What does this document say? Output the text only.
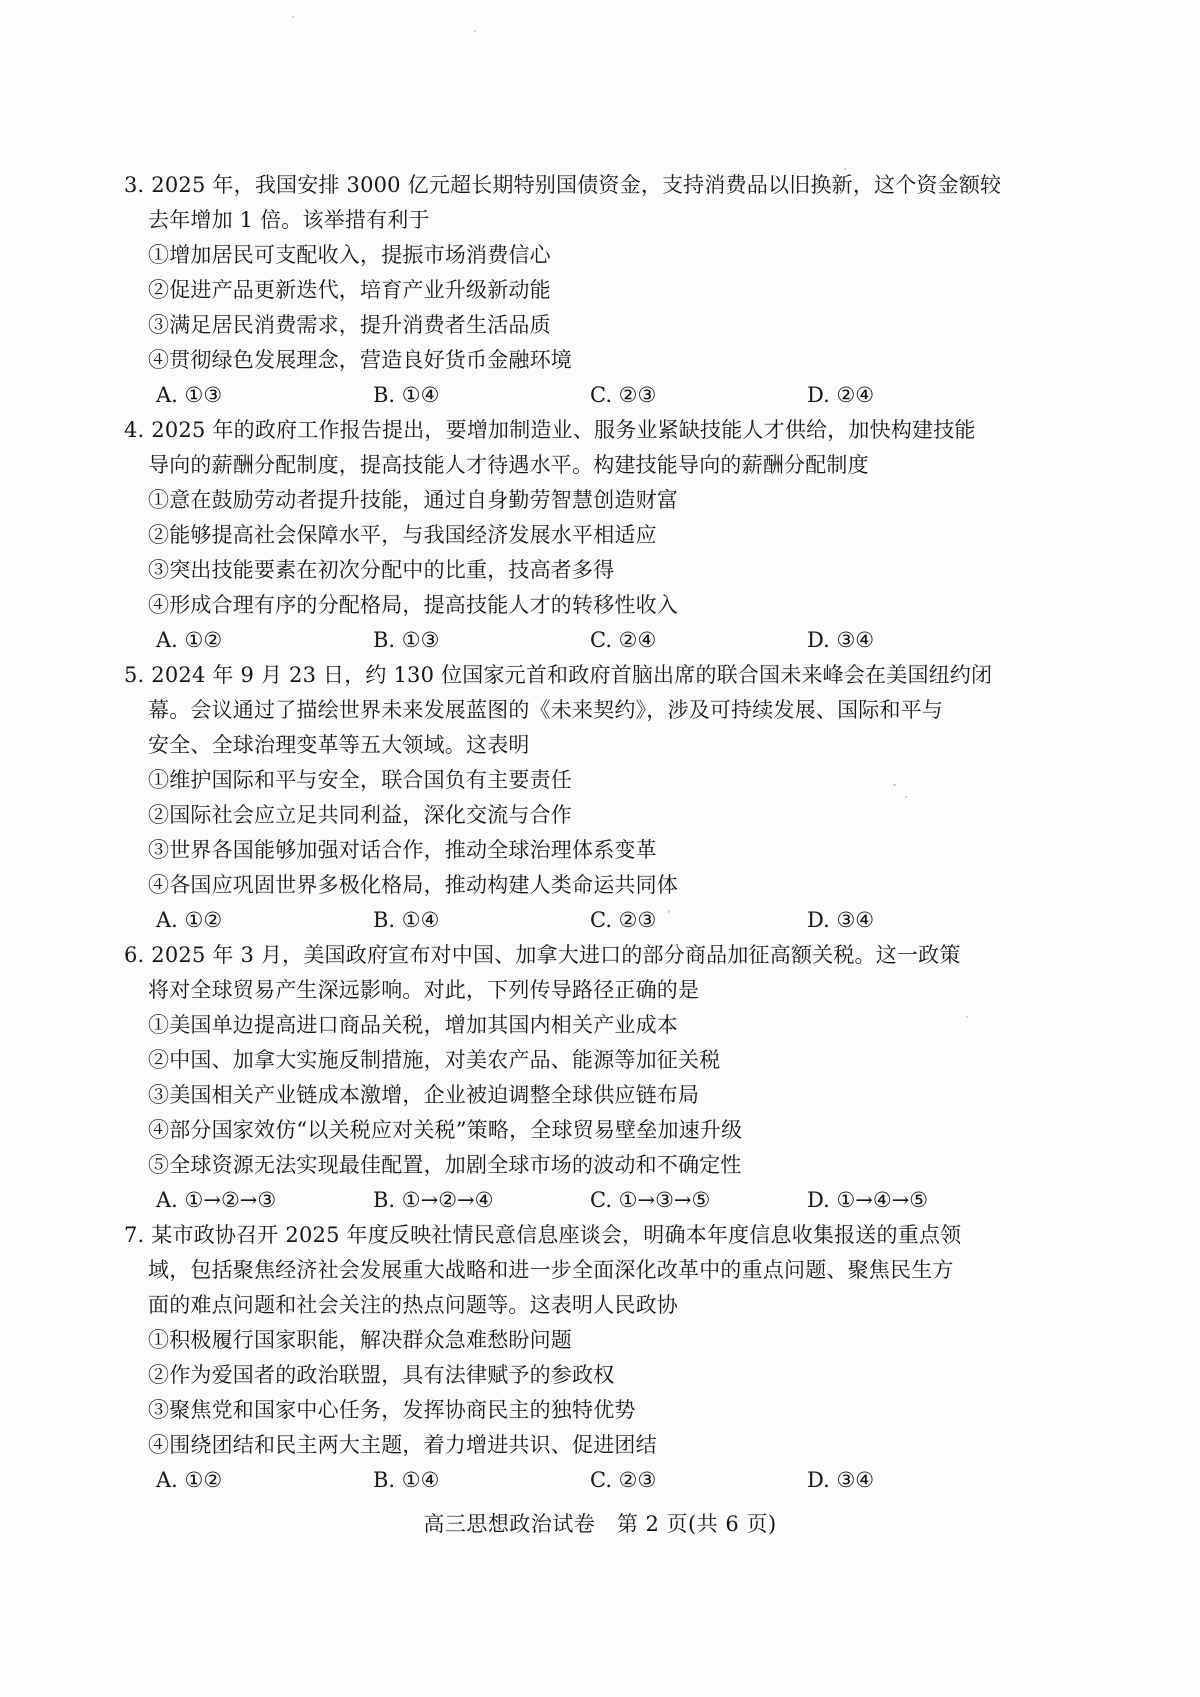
3. 2025 年，我国安排 3000 亿元超长期特别国债资金，支持消费品以旧换新，这个资金额较
去年增加 1 倍。该举措有利于
①增加居民可支配收入，提振市场消费信心
②促进产品更新迭代，培育产业升级新动能
③满足居民消费需求，提升消费者生活品质
④贯彻绿色发展理念，营造良好货币金融环境
A. ①③	B. ①④	C. ②③	D. ②④
4. 2025 年的政府工作报告提出，要增加制造业、服务业紧缺技能人才供给，加快构建技能
导向的薪酬分配制度，提高技能人才待遇水平。构建技能导向的薪酬分配制度
①意在鼓励劳动者提升技能，通过自身勤劳智慧创造财富
②能够提高社会保障水平，与我国经济发展水平相适应
③突出技能要素在初次分配中的比重，技高者多得
④形成合理有序的分配格局，提高技能人才的转移性收入
A. ①②	B. ①③	C. ②④	D. ③④
5. 2024 年 9 月 23 日，约 130 位国家元首和政府首脑出席的联合国未来峰会在美国纽约闭
幕。会议通过了描绘世界未来发展蓝图的《未来契约》，涉及可持续发展、国际和平与
安全、全球治理变革等五大领域。这表明
①维护国际和平与安全，联合国负有主要责任
②国际社会应立足共同利益，深化交流与合作
③世界各国能够加强对话合作，推动全球治理体系变革
④各国应巩固世界多极化格局，推动构建人类命运共同体
A. ①②	B. ①④	C. ②③	D. ③④
6. 2025 年 3 月，美国政府宣布对中国、加拿大进口的部分商品加征高额关税。这一政策
将对全球贸易产生深远影响。对此，下列传导路径正确的是
①美国单边提高进口商品关税，增加其国内相关产业成本
②中国、加拿大实施反制措施，对美农产品、能源等加征关税
③美国相关产业链成本激增，企业被迫调整全球供应链布局
④部分国家效仿“以关税应对关税”策略，全球贸易壁垒加速升级
⑤全球资源无法实现最佳配置，加剧全球市场的波动和不确定性
A. ①→②→③	B. ①→②→④	C. ①→③→⑤	D. ①→④→⑤
7. 某市政协召开 2025 年度反映社情民意信息座谈会，明确本年度信息收集报送的重点领
域，包括聚焦经济社会发展重大战略和进一步全面深化改革中的重点问题、聚焦民生方
面的难点问题和社会关注的热点问题等。这表明人民政协
①积极履行国家职能，解决群众急难愁盼问题
②作为爱国者的政治联盟，具有法律赋予的参政权
③聚焦党和国家中心任务，发挥协商民主的独特优势
④围绕团结和民主两大主题，着力增进共识、促进团结
A. ①②	B. ①④	C. ②③	D. ③④
高三思想政治试卷　第 2 页(共 6 页)
